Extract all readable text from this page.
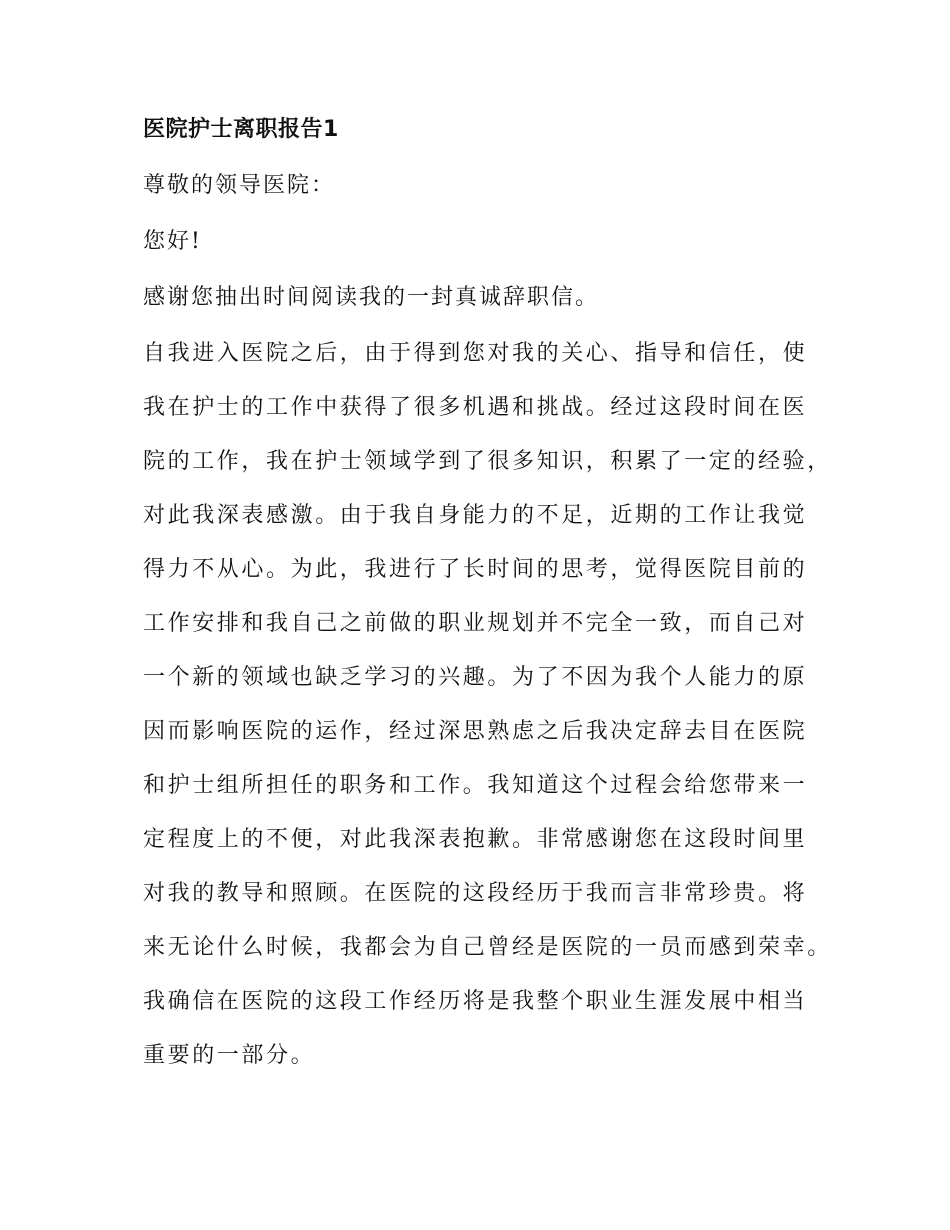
医院护士离职报告1
尊敬的领导医院：
您好!
感谢您抽出时间阅读我的一封真诚辞职信。
自我进入医院之后，由于得到您对我的关心、指导和信任，使
我在护士的工作中获得了很多机遇和挑战。经过这段时间在医
院的工作，我在护士领域学到了很多知识，积累了一定的经验，
对此我深表感激。由于我自身能力的不足，近期的工作让我觉
得力不从心。为此，我进行了长时间的思考，觉得医院目前的
工作安排和我自己之前做的职业规划并不完全一致，而自己对
一个新的领域也缺乏学习的兴趣。为了不因为我个人能力的原
因而影响医院的运作，经过深思熟虑之后我决定辞去目在医院
和护士组所担任的职务和工作。我知道这个过程会给您带来一
定程度上的不便，对此我深表抱歉。非常感谢您在这段时间里
对我的教导和照顾。在医院的这段经历于我而言非常珍贵。将
来无论什么时候，我都会为自己曾经是医院的一员而感到荣幸。
我确信在医院的这段工作经历将是我整个职业生涯发展中相当
重要的一部分。
